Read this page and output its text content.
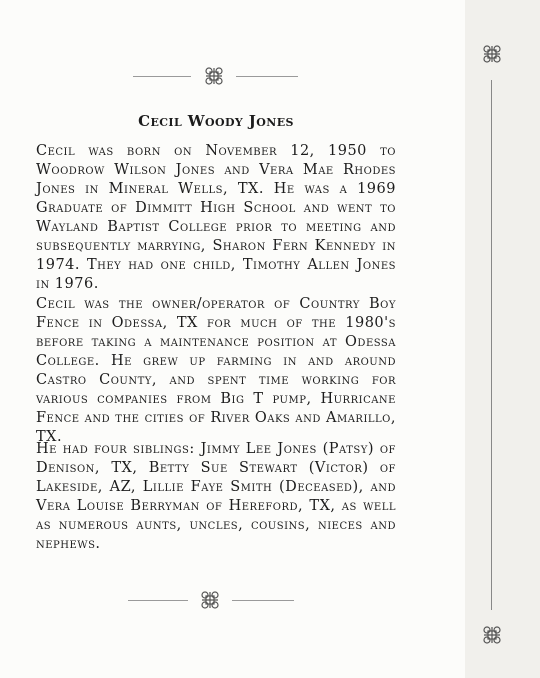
Cecil Woody Jones

Cecil was born on November 12, 1950 to Woodrow Wilson Jones and Vera Mae Rhodes Jones in Mineral Wells, TX. He was a 1969 Graduate of Dimmitt High School and went to Wayland Baptist College prior to meeting and subsequently marrying, Sharon Fern Kennedy in 1974. They had one child, Timothy Allen Jones in 1976.

Cecil was the owner/operator of Country Boy Fence in Odessa, TX for much of the 1980's before taking a maintenance position at Odessa College. He grew up farming in and around Castro County, and spent time working for various companies from Big T pump, Hurricane Fence and the cities of River Oaks and Amarillo, TX.

He had four siblings: Jimmy Lee Jones (Patsy) of Denison, TX, Betty Sue Stewart (Victor) of Lakeside, AZ, Lillie Faye Smith (Deceased), and Vera Louise Berryman of Hereford, TX, as well as numerous aunts, uncles, cousins, nieces and nephews.
